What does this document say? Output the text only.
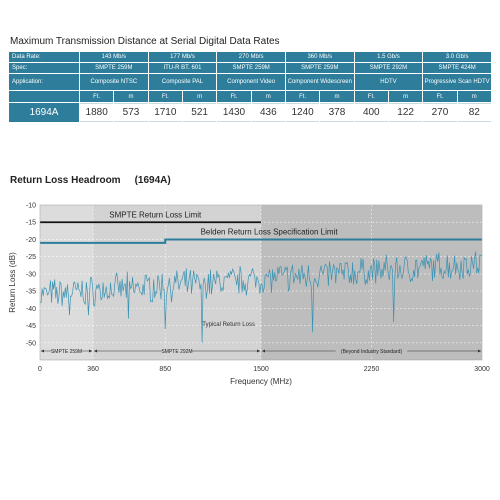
Maximum Transmission Distance at Serial Digital Data Rates
Data Rate:	143 Mb/s		177 Mb/s		270 Mb/s		360 Mb/s		1.5 Gb/s		3.0 Gb/s	
Spec:	SMPTE 259M		ITU-R BT. 601		SMPTE 259M		SMPTE 259M		SMPTE 292M		SMPTE 424M	
Application:	Composite NTSC		Composite PAL		Component Video		Component Widescreen		HDTV		Progressive Scan HDTV	
	Ft.	m	Ft.	m	Ft.	m	Ft.	m	Ft.	m	Ft.	m
1694A	1880	573	1710	521	1430	436	1240	378	400	122	270	82
Return Loss Headroom (1694A)
-10
-15
-20
-25
-30
-35
-40
-45
-50
0	360	850	1500	2250	3000
Frequency (MHz)
Return Loss (dB)
SMPTE Return Loss Limit
Belden Return Loss Specification Limit
Typical Return Loss
SMPTE 259M	SMPTE 292M	(Beyond Industry Standard)
